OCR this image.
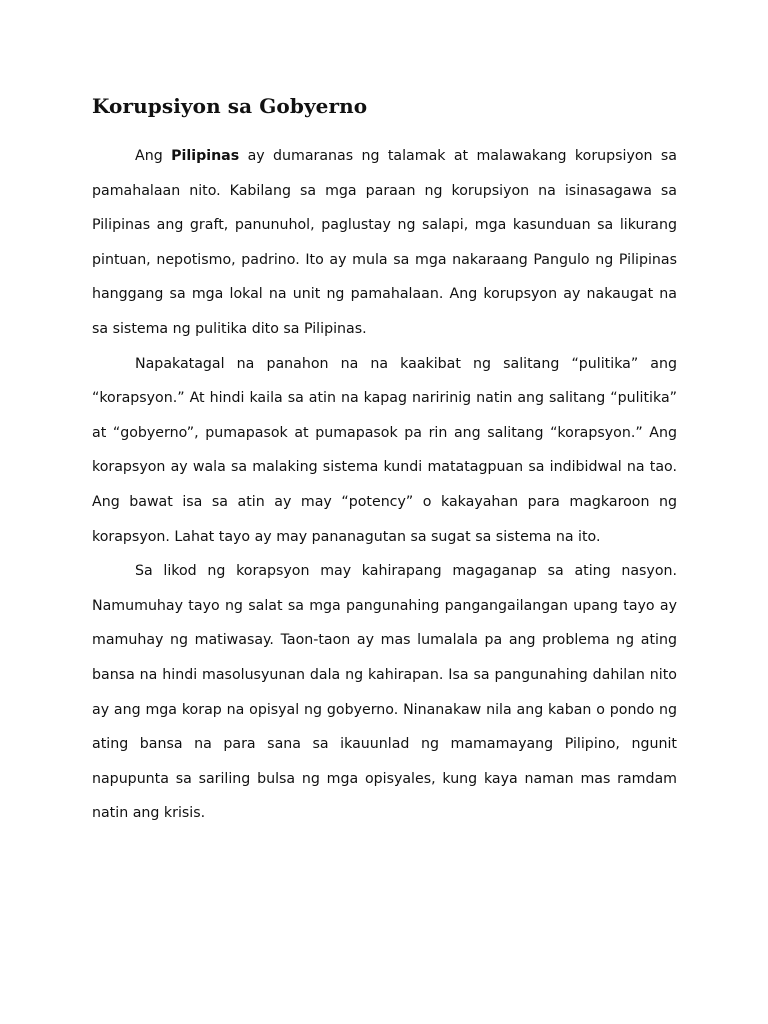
Korupsiyon sa Gobyerno

Ang Pilipinas ay dumaranas ng talamak at malawakang korupsiyon sa pamahalaan nito. Kabilang sa mga paraan ng korupsiyon na isinasagawa sa Pilipinas ang graft, panunuhol, paglustay ng salapi, mga kasunduan sa likurang pintuan, nepotismo, padrino. Ito ay mula sa mga nakaraang Pangulo ng Pilipinas hanggang sa mga lokal na unit ng pamahalaan. Ang korupsyon ay nakaugat na sa sistema ng pulitika dito sa Pilipinas.

Napakatagal na panahon na na kaakibat ng salitang “pulitika” ang “korapsyon.” At hindi kaila sa atin na kapag naririnig natin ang salitang “pulitika” at “gobyerno”, pumapasok at pumapasok pa rin ang salitang “korapsyon.” Ang korapsyon ay wala sa malaking sistema kundi matatagpuan sa indibidwal na tao. Ang bawat isa sa atin ay may “potency” o kakayahan para magkaroon ng korapsyon. Lahat tayo ay may pananagutan sa sugat sa sistema na ito.

Sa likod ng korapsyon may kahirapang magaganap sa ating nasyon. Namumuhay tayo ng salat sa mga pangunahing pangangailangan upang tayo ay mamuhay ng matiwasay. Taon-taon ay mas lumalala pa ang problema ng ating bansa na hindi masolusyunan dala ng kahirapan. Isa sa pangunahing dahilan nito ay ang mga korap na opisyal ng gobyerno. Ninanakaw nila ang kaban o pondo ng ating bansa na para sana sa ikauunlad ng mamamayang Pilipino, ngunit napupunta sa sariling bulsa ng mga opisyales, kung kaya naman mas ramdam natin ang krisis.
